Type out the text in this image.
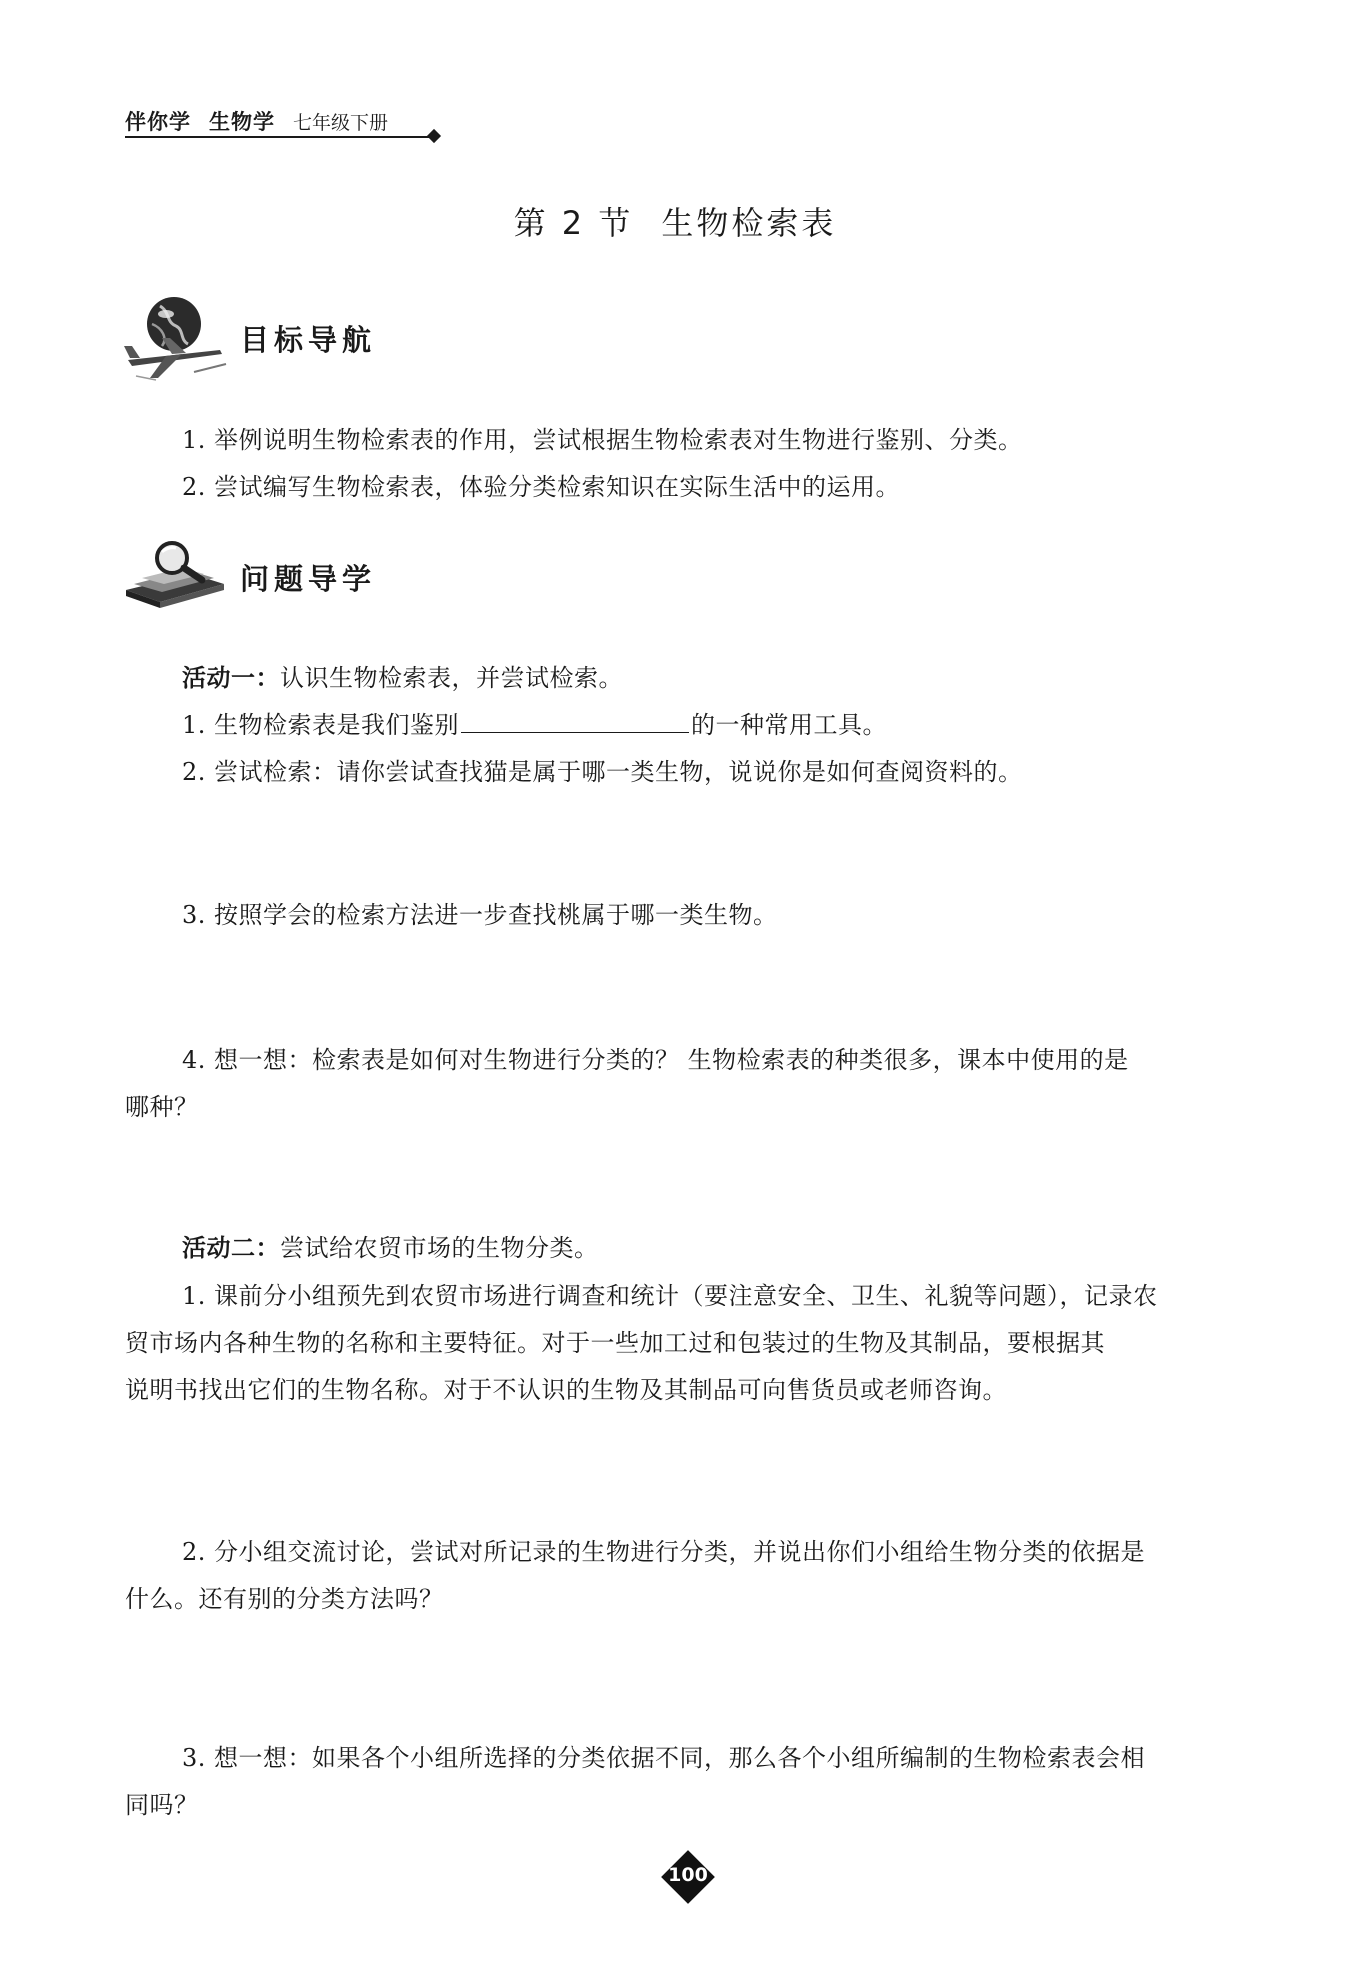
伴你学 生物学 七年级下册
第 2 节 生物检索表
目标导航
1. 举例说明生物检索表的作用，尝试根据生物检索表对生物进行鉴别、分类。
2. 尝试编写生物检索表，体验分类检索知识在实际生活中的运用。
问题导学
活动一：认识生物检索表，并尝试检索。
1. 生物检索表是我们鉴别	的一种常用工具。
2. 尝试检索：请你尝试查找猫是属于哪一类生物，说说你是如何查阅资料的。
3. 按照学会的检索方法进一步查找桃属于哪一类生物。
4. 想一想：检索表是如何对生物进行分类的？ 生物检索表的种类很多，课本中使用的是
哪种？
活动二：尝试给农贸市场的生物分类。
1. 课前分小组预先到农贸市场进行调查和统计（要注意安全、卫生、礼貌等问题），记录农
贸市场内各种生物的名称和主要特征。对于一些加工过和包装过的生物及其制品，要根据其
说明书找出它们的生物名称。对于不认识的生物及其制品可向售货员或老师咨询。
2. 分小组交流讨论，尝试对所记录的生物进行分类，并说出你们小组给生物分类的依据是
什么。还有别的分类方法吗？
3. 想一想：如果各个小组所选择的分类依据不同，那么各个小组所编制的生物检索表会相
同吗？
100
